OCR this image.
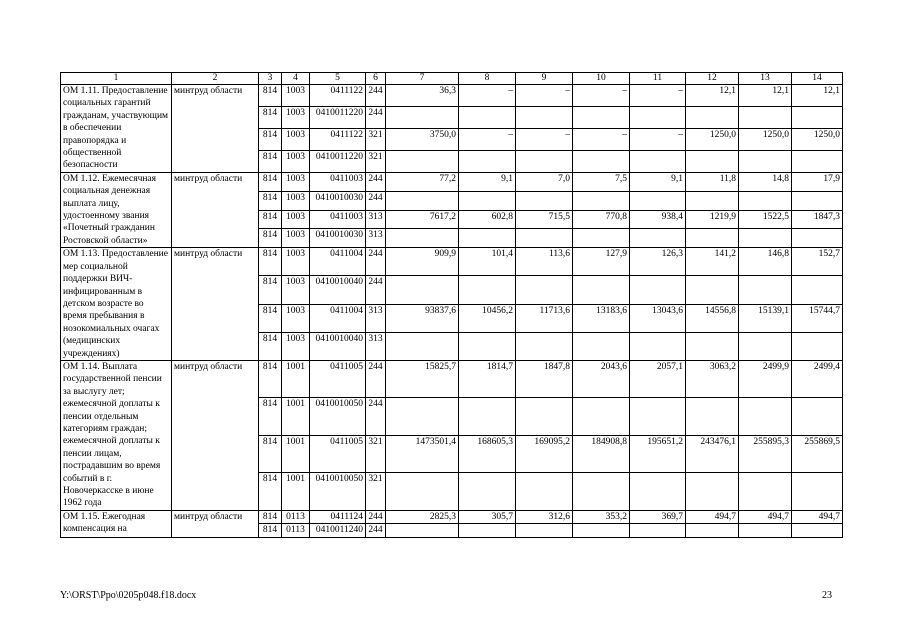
1	2	3	4	5	6	7	8	9	10	11	12	13	14
ОМ 1.11. Предоставление социальных гарантий гражданам, участвующим в обеспечении правопорядка и общественной безопасности	минтруд области	814	1003	0411122	244	36,3	–	–	–	–	12,1	12,1	12,1
		814	1003	0410011220	244								
		814	1003	0411122	321	3750,0	–	–	–	–	1250,0	1250,0	1250,0
		814	1003	0410011220	321								
ОМ 1.12. Ежемесячная социальная денежная выплата лицу, удостоенному звания «Почетный гражданин Ростовской области»	минтруд области	814	1003	0411003	244	77,2	9,1	7,0	7,5	9,1	11,8	14,8	17,9
		814	1003	0410010030	244								
		814	1003	0411003	313	7617,2	602,8	715,5	770,8	938,4	1219,9	1522,5	1847,3
		814	1003	0410010030	313								
ОМ 1.13. Предоставление мер социальной поддержки ВИЧ-инфицированным в детском возрасте во время пребывания в нозокомиальных очагах (медицинских учреждениях)	минтруд области	814	1003	0411004	244	909,9	101,4	113,6	127,9	126,3	141,2	146,8	152,7
		814	1003	0410010040	244								
		814	1003	0411004	313	93837,6	10456,2	11713,6	13183,6	13043,6	14556,8	15139,1	15744,7
		814	1003	0410010040	313								
ОМ 1.14. Выплата государственной пенсии за выслугу лет; ежемесячной доплаты к пенсии отдельным категориям граждан; ежемесячной доплаты к пенсии лицам, пострадавшим во время событий в г. Новочеркасске в июне 1962 года	минтруд области	814	1001	0411005	244	15825,7	1814,7	1847,8	2043,6	2057,1	3063,2	2499,9	2499,4
		814	1001	0410010050	244								
		814	1001	0411005	321	1473501,4	168605,3	169095,2	184908,8	195651,2	243476,1	255895,3	255869,5
		814	1001	0410010050	321								
ОМ 1.15. Ежегодная компенсация на	минтруд области	814	0113	0411124	244	2825,3	305,7	312,6	353,2	369,7	494,7	494,7	494,7
		814	0113	0410011240	244								
Y:\ORST\Ppo\0205p048.f18.docx	23
